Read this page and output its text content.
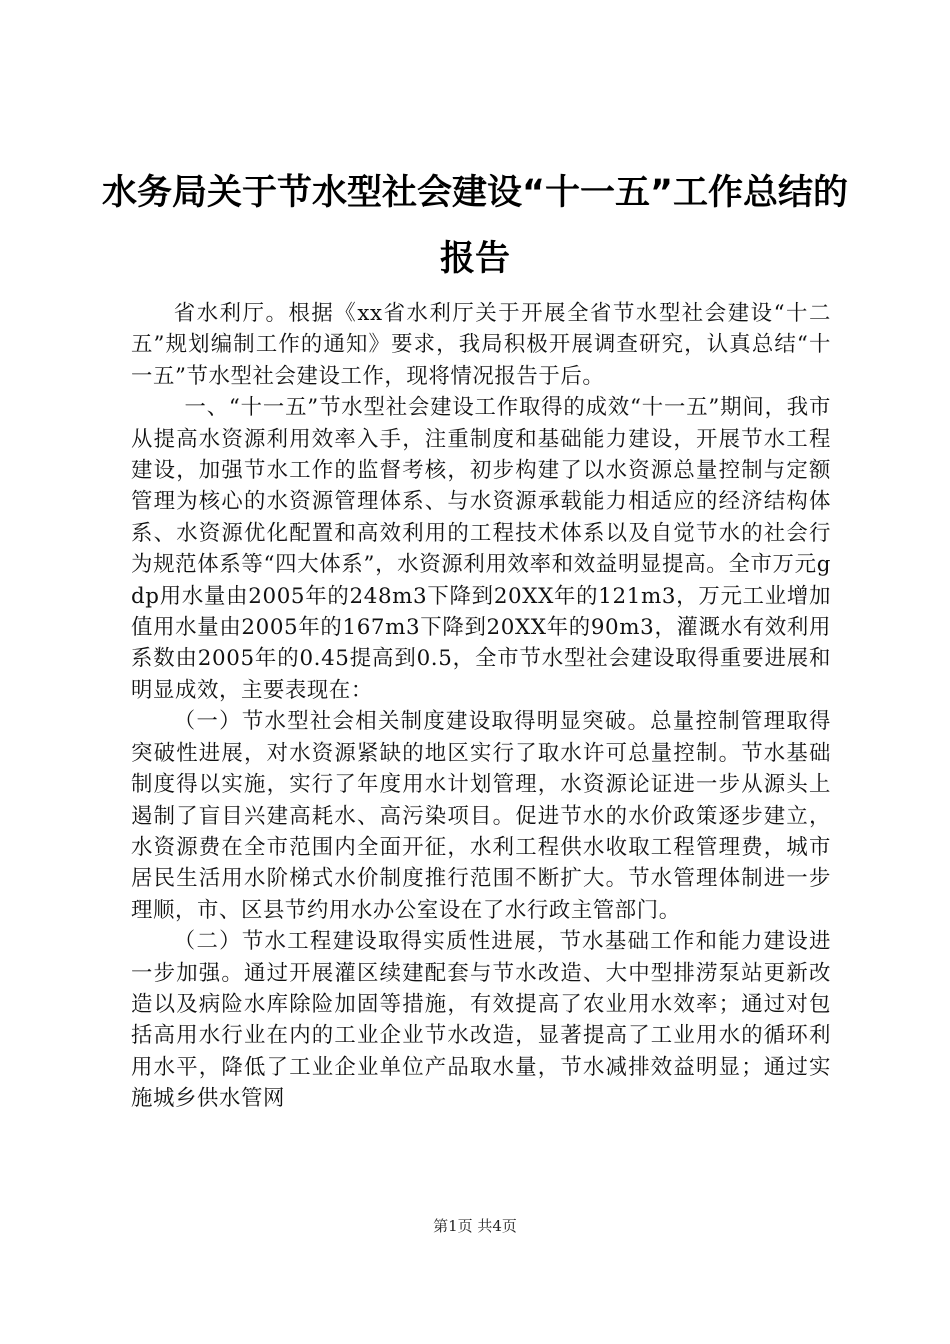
水务局关于节水型社会建设“十一五”工作总结的报告

省水利厅。根据《xx省水利厅关于开展全省节水型社会建设“十二五”规划编制工作的通知》要求，我局积极开展调查研究，认真总结“十一五”节水型社会建设工作，现将情况报告于后。

一、“十一五”节水型社会建设工作取得的成效“十一五”期间，我市从提高水资源利用效率入手，注重制度和基础能力建设，开展节水工程建设，加强节水工作的监督考核，初步构建了以水资源总量控制与定额管理为核心的水资源管理体系、与水资源承载能力相适应的经济结构体系、水资源优化配置和高效利用的工程技术体系以及自觉节水的社会行为规范体系等“四大体系”，水资源利用效率和效益明显提高。全市万元gdp用水量由2005年的248m3下降到20XX年的121m3，万元工业增加值用水量由2005年的167m3下降到20XX年的90m3，灌溉水有效利用系数由2005年的0.45提高到0.5，全市节水型社会建设取得重要进展和明显成效，主要表现在：

（一）节水型社会相关制度建设取得明显突破。总量控制管理取得突破性进展，对水资源紧缺的地区实行了取水许可总量控制。节水基础制度得以实施，实行了年度用水计划管理，水资源论证进一步从源头上遏制了盲目兴建高耗水、高污染项目。促进节水的水价政策逐步建立，水资源费在全市范围内全面开征，水利工程供水收取工程管理费，城市居民生活用水阶梯式水价制度推行范围不断扩大。节水管理体制进一步理顺，市、区县节约用水办公室设在了水行政主管部门。

（二）节水工程建设取得实质性进展，节水基础工作和能力建设进一步加强。通过开展灌区续建配套与节水改造、大中型排涝泵站更新改造以及病险水库除险加固等措施，有效提高了农业用水效率；通过对包括高用水行业在内的工业企业节水改造，显著提高了工业用水的循环利用水平，降低了工业企业单位产品取水量，节水减排效益明显；通过实施城乡供水管网

第1页 共4页
